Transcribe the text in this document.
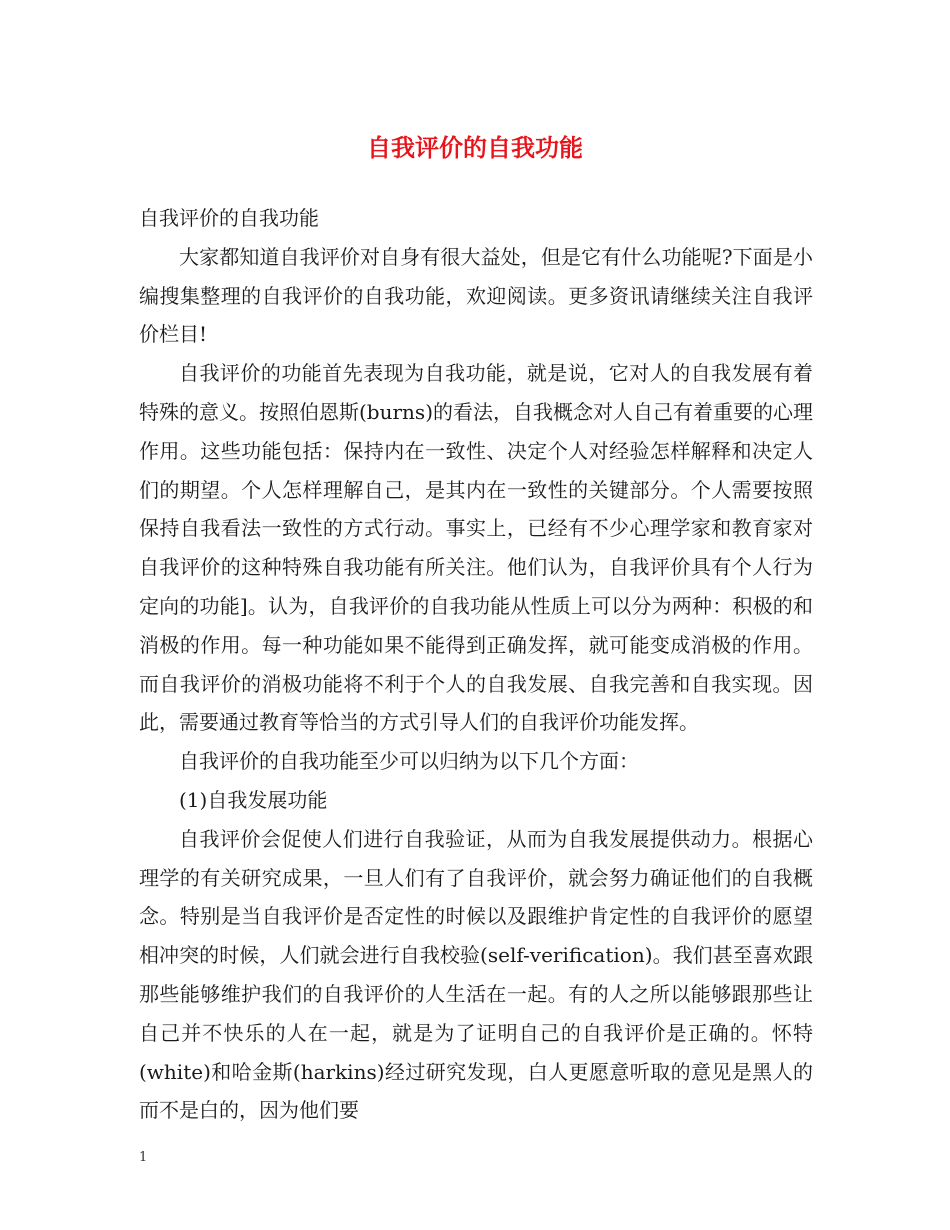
自我评价的自我功能

自我评价的自我功能

大家都知道自我评价对自身有很大益处，但是它有什么功能呢?下面是小编搜集整理的自我评价的自我功能，欢迎阅读。更多资讯请继续关注自我评价栏目!

自我评价的功能首先表现为自我功能，就是说，它对人的自我发展有着特殊的意义。按照伯恩斯(burns)的看法，自我概念对人自己有着重要的心理作用。这些功能包括：保持内在一致性、决定个人对经验怎样解释和决定人们的期望。个人怎样理解自己，是其内在一致性的关键部分。个人需要按照保持自我看法一致性的方式行动。事实上，已经有不少心理学家和教育家对自我评价的这种特殊自我功能有所关注。他们认为，自我评价具有个人行为定向的功能]。认为，自我评价的自我功能从性质上可以分为两种：积极的和消极的作用。每一种功能如果不能得到正确发挥，就可能变成消极的作用。而自我评价的消极功能将不利于个人的自我发展、自我完善和自我实现。因此，需要通过教育等恰当的方式引导人们的自我评价功能发挥。

自我评价的自我功能至少可以归纳为以下几个方面：

(1)自我发展功能

自我评价会促使人们进行自我验证，从而为自我发展提供动力。根据心理学的有关研究成果，一旦人们有了自我评价，就会努力确证他们的自我概念。特别是当自我评价是否定性的时候以及跟维护肯定性的自我评价的愿望相冲突的时候，人们就会进行自我校验(self-verification)。我们甚至喜欢跟那些能够维护我们的自我评价的人生活在一起。有的人之所以能够跟那些让自己并不快乐的人在一起，就是为了证明自己的自我评价是正确的。怀特(white)和哈金斯(harkins)经过研究发现，白人更愿意听取的意见是黑人的而不是白的，因为他们要

1
